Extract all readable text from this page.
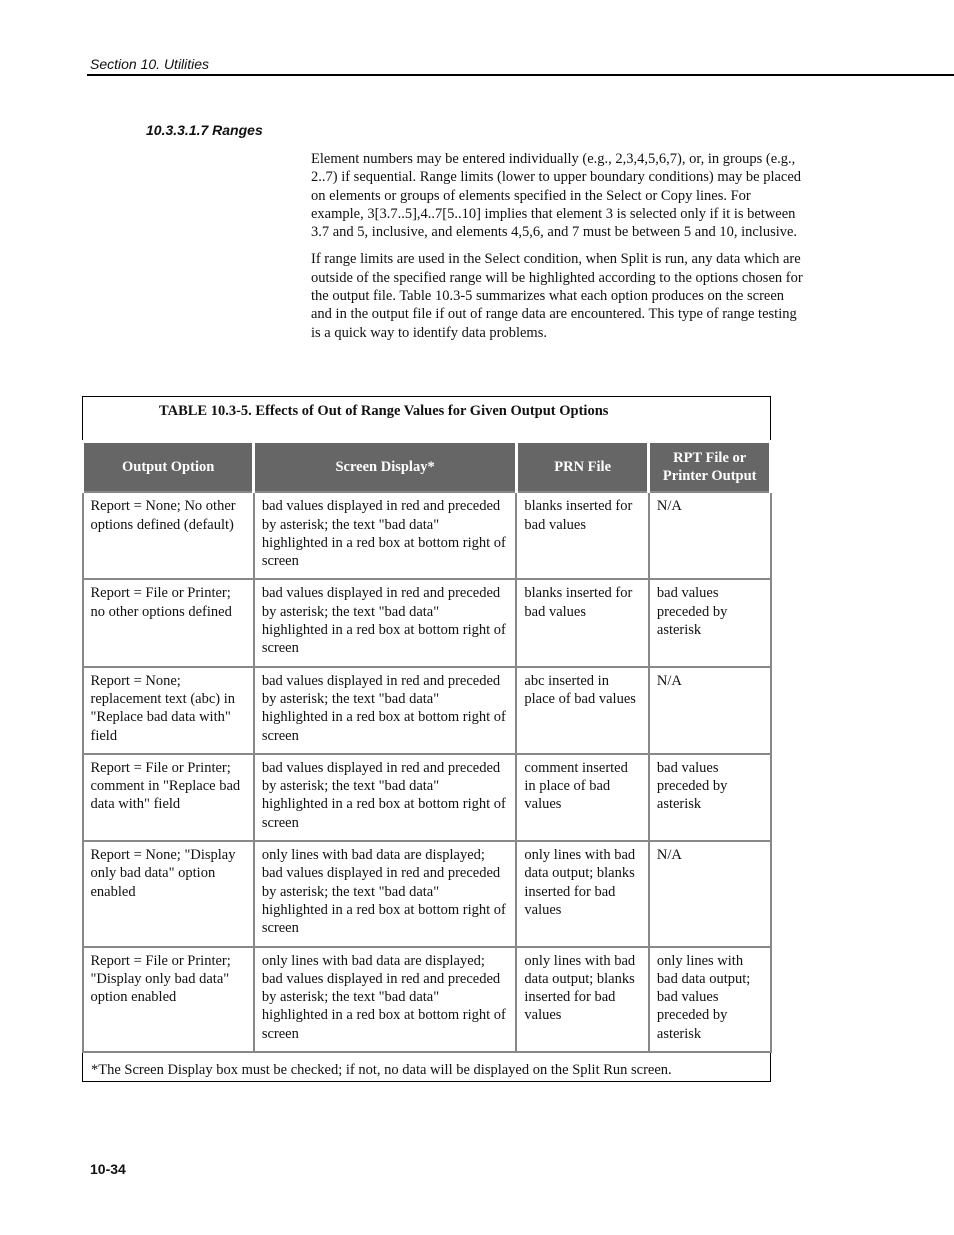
Section 10. Utilities
10.3.3.1.7 Ranges

Element numbers may be entered individually (e.g., 2,3,4,5,6,7), or, in groups (e.g., 2..7) if sequential. Range limits (lower to upper boundary conditions) may be placed on elements or groups of elements specified in the Select or Copy lines. For example, 3[3.7..5],4..7[5..10] implies that element 3 is selected only if it is between 3.7 and 5, inclusive, and elements 4,5,6, and 7 must be between 5 and 10, inclusive.

If range limits are used in the Select condition, when Split is run, any data which are outside of the specified range will be highlighted according to the options chosen for the output file. Table 10.3-5 summarizes what each option produces on the screen and in the output file if out of range data are encountered. This type of range testing is a quick way to identify data problems.

TABLE 10.3-5. Effects of Out of Range Values for Given Output Options			
Output Option	Screen Display*	PRN File	RPT File or Printer Output
Report = None; No other options defined (default)	bad values displayed in red and preceded by asterisk; the text "bad data" highlighted in a red box at bottom right of screen	blanks inserted for bad values	N/A
Report = File or Printer; no other options defined	bad values displayed in red and preceded by asterisk; the text "bad data" highlighted in a red box at bottom right of screen	blanks inserted for bad values	bad values preceded by asterisk
Report = None; replacement text (abc) in "Replace bad data with" field	bad values displayed in red and preceded by asterisk; the text "bad data" highlighted in a red box at bottom right of screen	abc inserted in place of bad values	N/A
Report = File or Printer; comment in "Replace bad data with" field	bad values displayed in red and preceded by asterisk; the text "bad data" highlighted in a red box at bottom right of screen	comment inserted in place of bad values	bad values preceded by asterisk
Report = None; "Display only bad data" option enabled	only lines with bad data are displayed; bad values displayed in red and preceded by asterisk; the text "bad data" highlighted in a red box at bottom right of screen	only lines with bad data output; blanks inserted for bad values	N/A
Report = File or Printer; "Display only bad data" option enabled	only lines with bad data are displayed; bad values displayed in red and preceded by asterisk; the text "bad data" highlighted in a red box at bottom right of screen	only lines with bad data output; blanks inserted for bad values	only lines with bad data output; bad values preceded by asterisk
*The Screen Display box must be checked; if not, no data will be displayed on the Split Run screen.			
10-34
